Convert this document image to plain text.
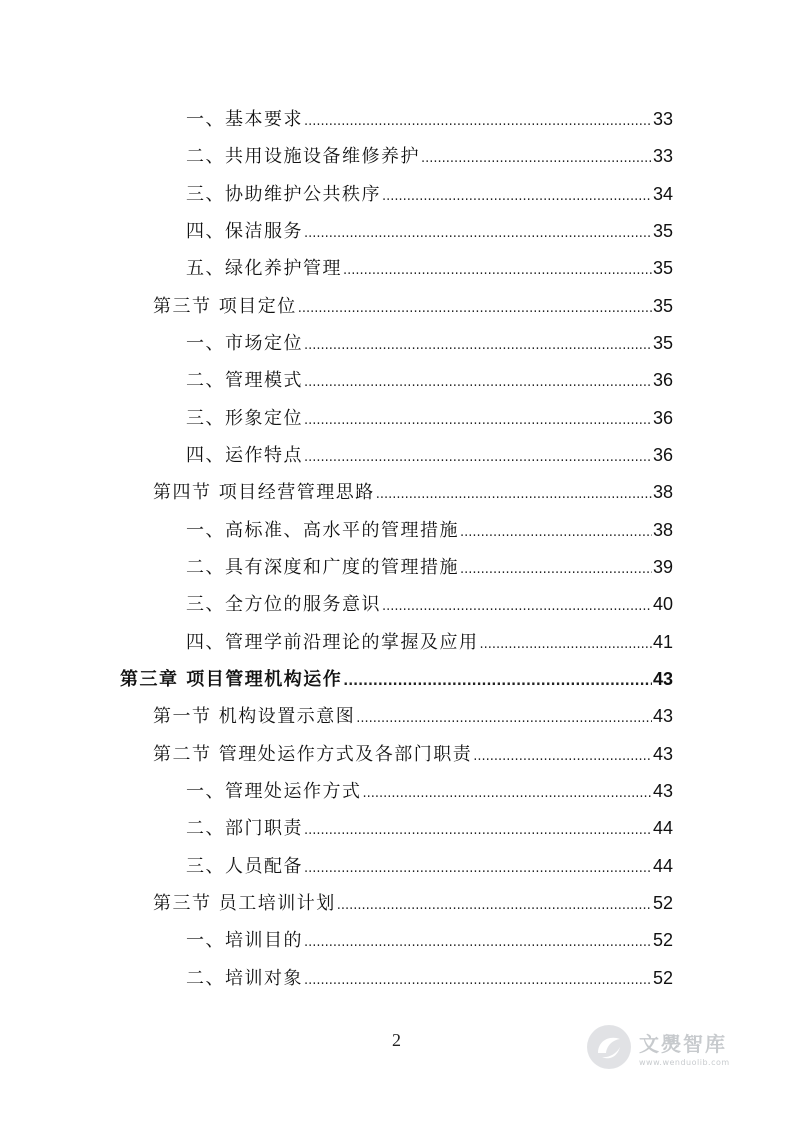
一、基本要求 .....	33
二、共用设施设备维修养护 .....	33
三、协助维护公共秩序 .....	34
四、保洁服务 .....	35
五、绿化养护管理 .....	35
第三节 项目定位 .....	35
一、市场定位 .....	35
二、管理模式 .....	36
三、形象定位 .....	36
四、运作特点 .....	36
第四节 项目经营管理思路 .....	38
一、高标准、高水平的管理措施 .....	38
二、具有深度和广度的管理措施 .....	39
三、全方位的服务意识 .....	40
四、管理学前沿理论的掌握及应用 .....	41
第三章 项目管理机构运作 .....	43
第一节 机构设置示意图 .....	43
第二节 管理处运作方式及各部门职责 .....	43
一、管理处运作方式 .....	43
二、部门职责 .....	44
三、人员配备 .....	44
第三节 员工培训计划 .....	52
一、培训目的 .....	52
二、培训对象 .....	52
2	文爂智库
www.wenduolib.com
